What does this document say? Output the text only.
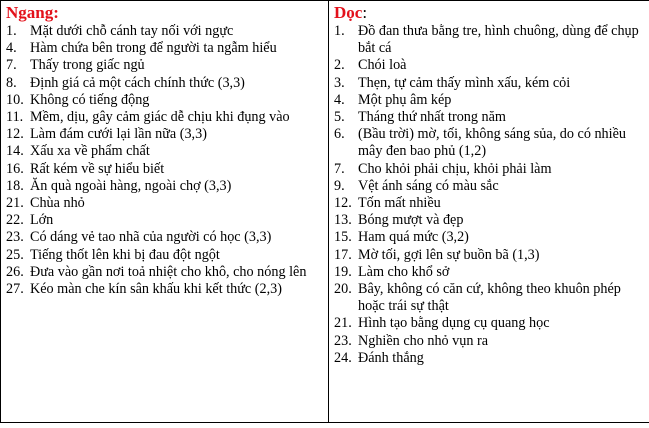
Ngang:
1. Mặt dưới chỗ cánh tay nối với ngực
4. Hàm chứa bên trong để người ta ngẫm hiểu
7. Thấy trong giấc ngủ
8. Định giá cả một cách chính thức (3,3)
10. Không có tiếng động
11. Mềm, dịu, gây cảm giác dễ chịu khi đụng vào
12. Làm đám cưới lại lần nữa (3,3)
14. Xấu xa về phẩm chất
16. Rất kém về sự hiểu biết
18. Ăn quà ngoài hàng, ngoài chợ (3,3)
21. Chùa nhỏ
22. Lớn
23. Có dáng vẻ tao nhã của người có học (3,3)
25. Tiếng thốt lên khi bị đau đột ngột
26. Đưa vào gần nơi toả nhiệt cho khô, cho nóng lên
27. Kéo màn che kín sân khấu khi kết thức (2,3)

Dọc:
1. Đồ đan thưa bằng tre, hình chuông, dùng để chụp bắt cá
2. Chói loà
3. Thẹn, tự cảm thấy mình xấu, kém cỏi
4. Một phụ âm kép
5. Tháng thứ nhất trong năm
6. (Bầu trời) mờ, tối, không sáng sủa, do có nhiều mây đen bao phủ (1,2)
7. Cho khỏi phải chịu, khỏi phải làm
9. Vệt ánh sáng có màu sắc
12. Tốn mất nhiều
13. Bóng mượt và đẹp
15. Ham quá mức (3,2)
17. Mờ tối, gợi lên sự buồn bã (1,3)
19. Làm cho khổ sở
20. Bây, không có căn cứ, không theo khuôn phép hoặc trái sự thật
21. Hình tạo bằng dụng cụ quang học
23. Nghiền cho nhỏ vụn ra
24. Đánh thắng
